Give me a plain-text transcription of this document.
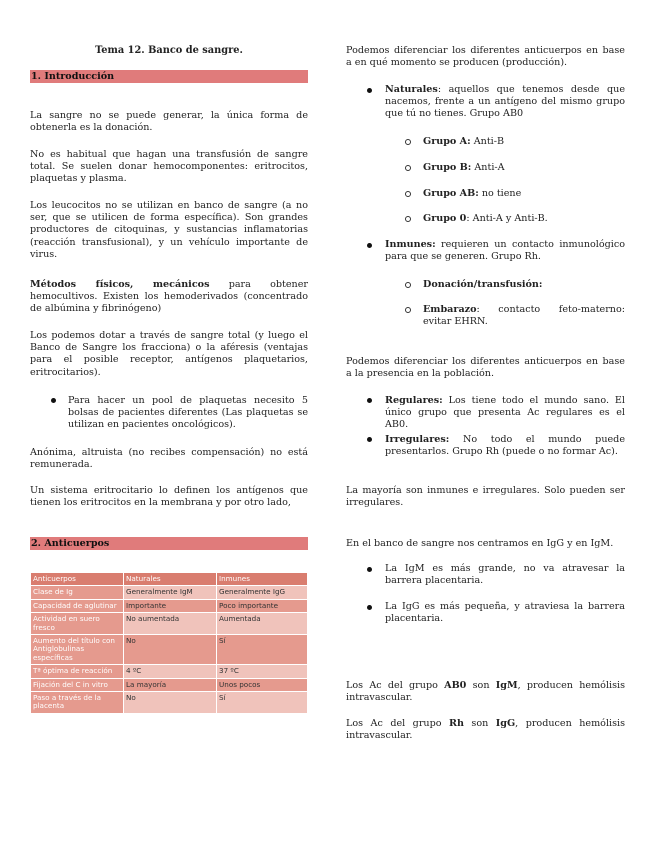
Tema 12. Banco de sangre.
1. Introducción

La sangre no se puede generar, la única forma de obtenerla es la donación.

No es habitual que hagan una transfusión de sangre total. Se suelen donar hemocomponentes: eritrocitos, plaquetas y plasma.

Los leucocitos no se utilizan en banco de sangre (a no ser, que se utilicen de forma específica). Son grandes productores de citoquinas, y sustancias inflamatorias (reacción transfusional), y un vehículo importante de virus.

Métodos físicos, mecánicos para obtener hemocultivos. Existen los hemoderivados (concentrado de albúmina y fibrinógeno)

Los podemos dotar a través de sangre total (y luego el Banco de Sangre los fracciona) o la aféresis (ventajas para el posible receptor, antígenos plaquetarios, eritrocitarios).

Para hacer un pool de plaquetas necesito 5 bolsas de pacientes diferentes (Las plaquetas se utilizan en pacientes oncológicos).

Anónima, altruista (no recibes compensación) no está remunerada.

Un sistema eritrocitario lo definen los antígenos que tienen los eritrocitos en la membrana y por otro lado,

2. Anticuerpos
Anticuerpos	Naturales	Inmunes
Clase de Ig	Generalmente IgM	Generalmente IgG
Capacidad de aglutinar	Importante	Poco importante
Actividad en suero fresco	No aumentada	Aumentada
Aumento del título con Antiglobulinas específicas	No	Sí
Tª óptima de reacción	4 ºC	37 ºC
Fijación del C in vitro	La mayoría	Unos pocos
Paso a través de la placenta	No	Sí

Podemos diferenciar los diferentes anticuerpos en base a en qué momento se producen (producción).

Naturales: aquellos que tenemos desde que nacemos, frente a un antígeno del mismo grupo que tú no tienes. Grupo AB0

Grupo A: Anti-B

Grupo B: Anti-A

Grupo AB: no tiene

Grupo 0: Anti-A y Anti-B.

Inmunes: requieren un contacto inmunológico para que se generen. Grupo Rh.

Donación/transfusión:

Embarazo: contacto feto-materno: evitar EHRN.

Podemos diferenciar los diferentes anticuerpos en base a la presencia en la población.

Regulares: Los tiene todo el mundo sano. El único grupo que presenta Ac regulares es el AB0.

Irregulares: No todo el mundo puede presentarlos. Grupo Rh (puede o no formar Ac).

La mayoría son inmunes e irregulares. Solo pueden ser irregulares.

En el banco de sangre nos centramos en IgG y en IgM.

La IgM es más grande, no va atravesar la barrera placentaria.

La IgG es más pequeña, y atraviesa la barrera placentaria.

Los Ac del grupo AB0 son IgM, producen hemólisis intravascular.

Los Ac del grupo Rh son IgG, producen hemólisis intravascular.
